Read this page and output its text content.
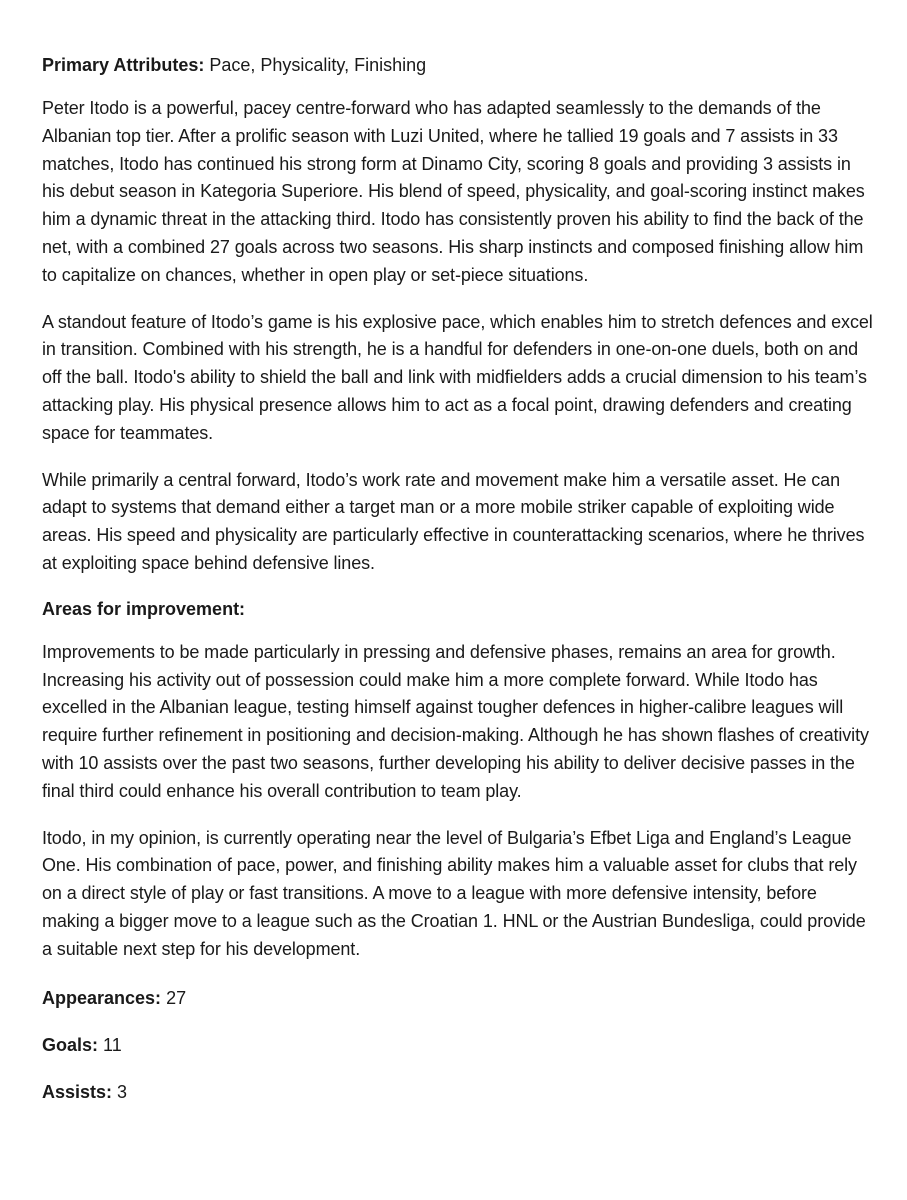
Primary Attributes: Pace, Physicality, Finishing

Peter Itodo is a powerful, pacey centre-forward who has adapted seamlessly to the demands of the Albanian top tier. After a prolific season with Luzi United, where he tallied 19 goals and 7 assists in 33 matches, Itodo has continued his strong form at Dinamo City, scoring 8 goals and providing 3 assists in his debut season in Kategoria Superiore. His blend of speed, physicality, and goal-scoring instinct makes him a dynamic threat in the attacking third. Itodo has consistently proven his ability to find the back of the net, with a combined 27 goals across two seasons. His sharp instincts and composed finishing allow him to capitalize on chances, whether in open play or set-piece situations.

A standout feature of Itodo’s game is his explosive pace, which enables him to stretch defences and excel in transition. Combined with his strength, he is a handful for defenders in one-on-one duels, both on and off the ball. Itodo's ability to shield the ball and link with midfielders adds a crucial dimension to his team’s attacking play. His physical presence allows him to act as a focal point, drawing defenders and creating space for teammates.

While primarily a central forward, Itodo’s work rate and movement make him a versatile asset. He can adapt to systems that demand either a target man or a more mobile striker capable of exploiting wide areas. His speed and physicality are particularly effective in counterattacking scenarios, where he thrives at exploiting space behind defensive lines.

Areas for improvement:

Improvements to be made particularly in pressing and defensive phases, remains an area for growth. Increasing his activity out of possession could make him a more complete forward. While Itodo has excelled in the Albanian league, testing himself against tougher defences in higher-calibre leagues will require further refinement in positioning and decision-making. Although he has shown flashes of creativity with 10 assists over the past two seasons, further developing his ability to deliver decisive passes in the final third could enhance his overall contribution to team play.

Itodo, in my opinion, is currently operating near the level of Bulgaria’s Efbet Liga and England’s League One. His combination of pace, power, and finishing ability makes him a valuable asset for clubs that rely on a direct style of play or fast transitions. A move to a league with more defensive intensity, before making a bigger move to a league such as the Croatian 1. HNL or the Austrian Bundesliga, could provide a suitable next step for his development.

Appearances: 27

Goals: 11

Assists: 3
